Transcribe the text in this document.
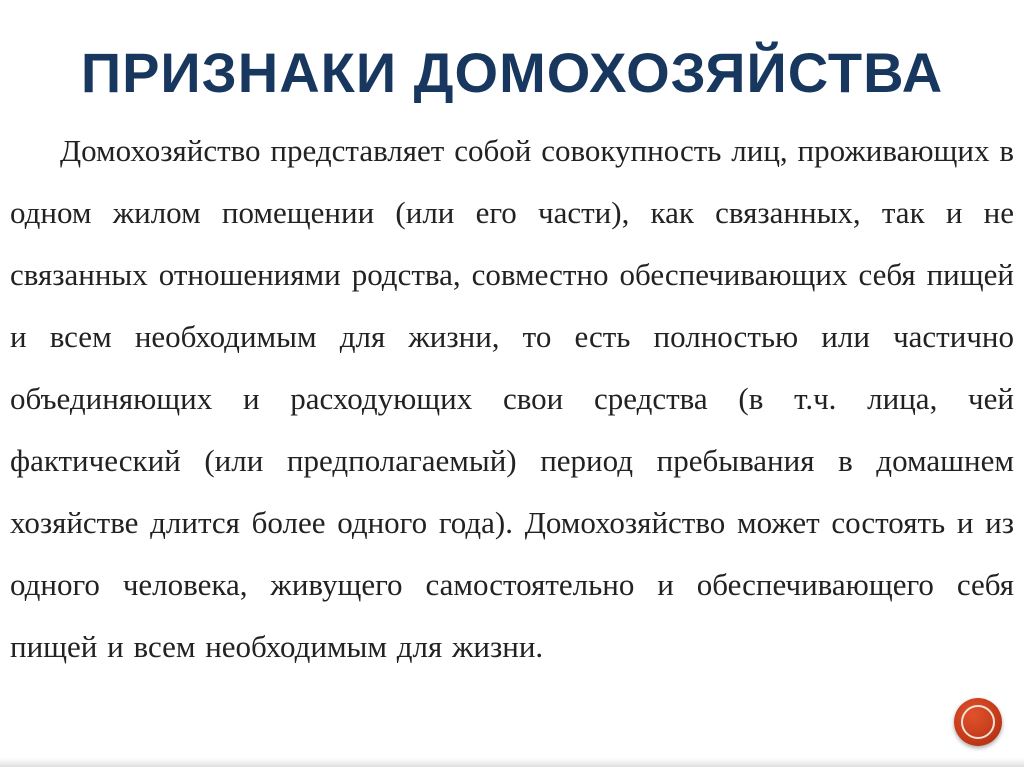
ПРИЗНАКИ ДОМОХОЗЯЙСТВА

Домохозяйство представляет собой совокупность лиц, проживающих в одном жилом помещении (или его части), как связанных, так и не связанных отношениями родства, совместно обеспечивающих себя пищей и всем необходимым для жизни, то есть полностью или частично объединяющих и расходующих свои средства (в т.ч. лица, чей фактический (или предполагаемый) период пребывания в домашнем хозяйстве длится более одного года). Домохозяйство может состоять и из одного человека, живущего самостоятельно и обеспечивающего себя пищей и всем необходимым для жизни.
